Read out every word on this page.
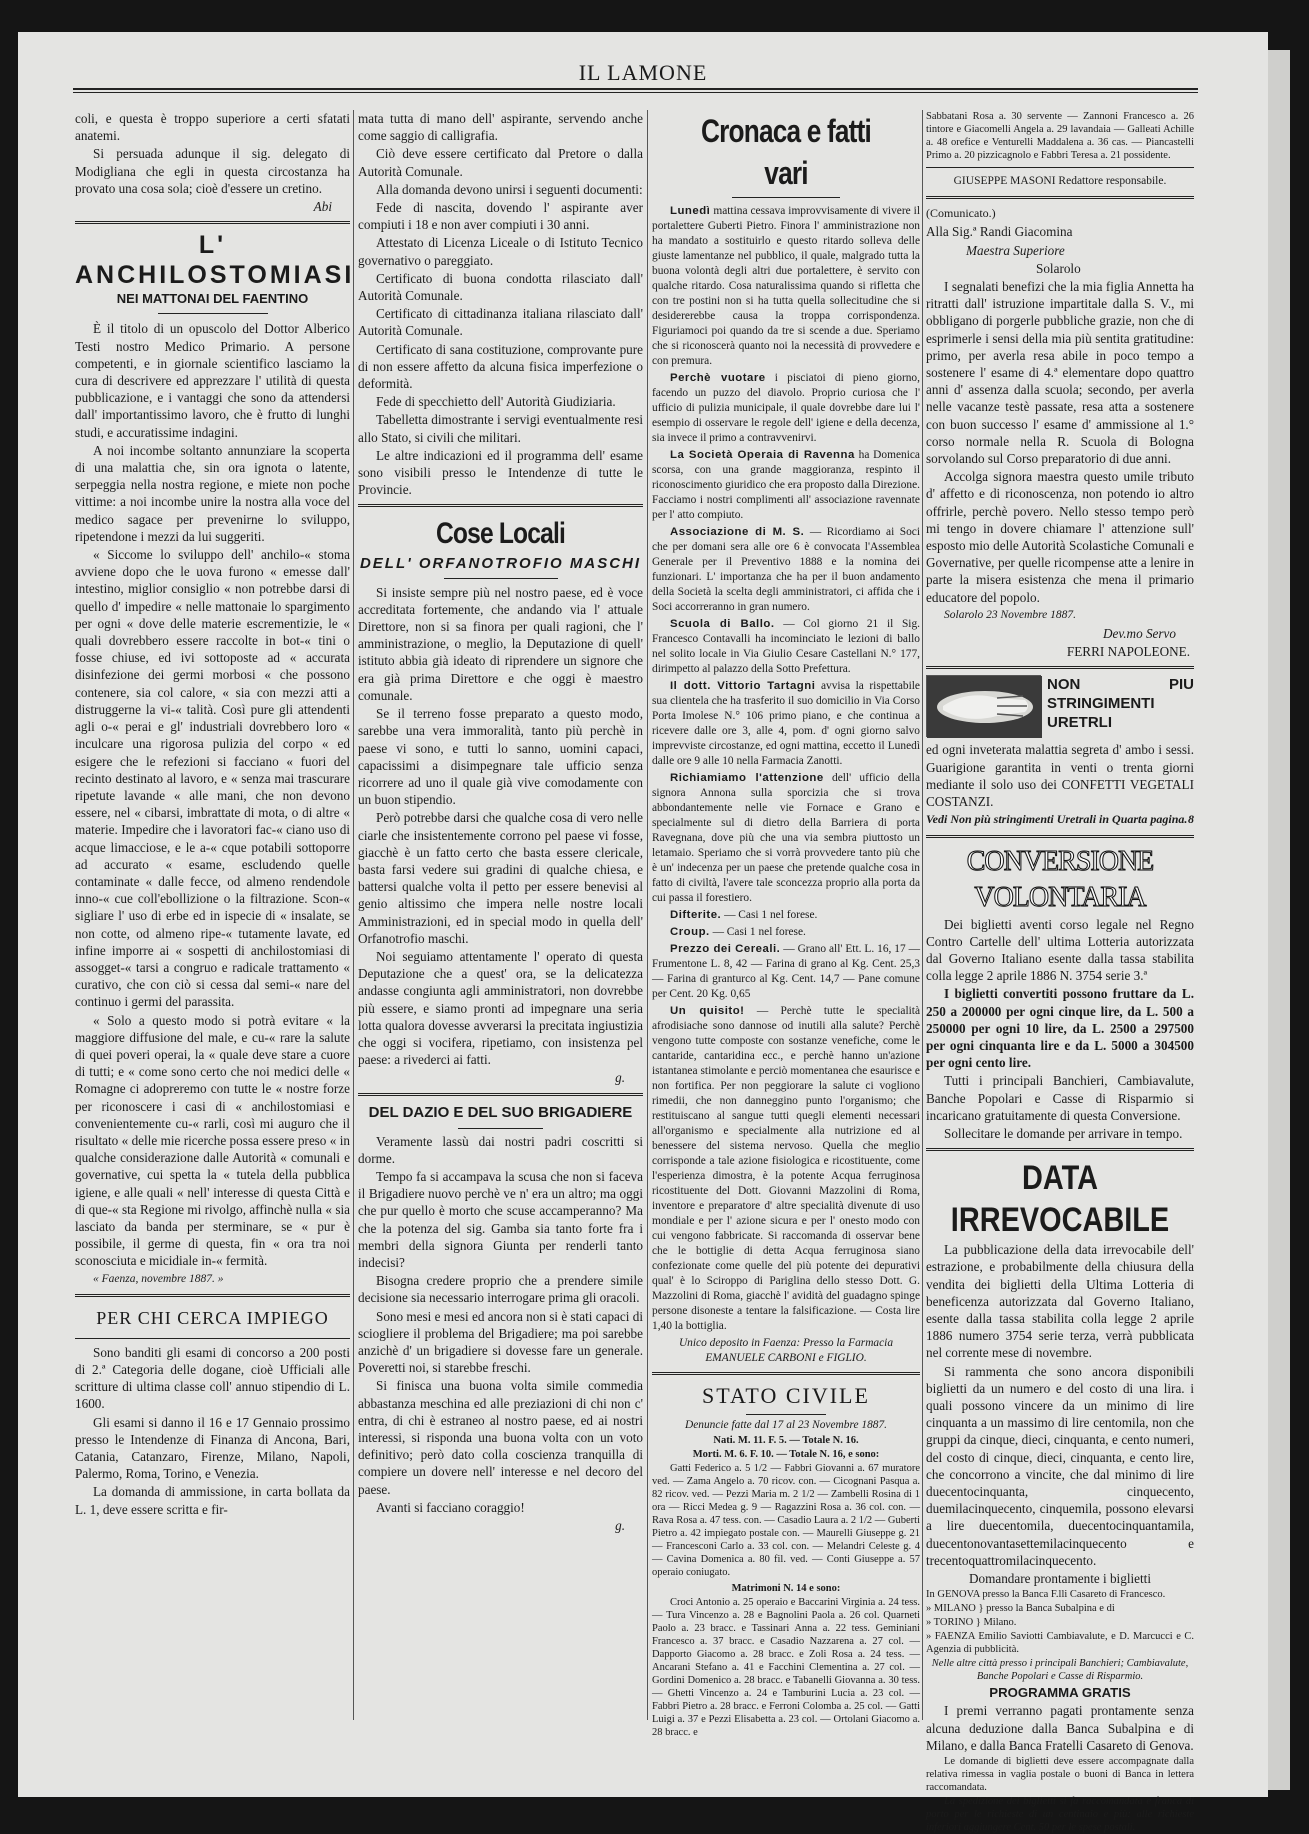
IL LAMONE

coli, e questa è troppo superiore a certi sfatati anatemi.

Si persuada adunque il sig. delegato di Modigliana che egli in questa circostanza ha provato una cosa sola; cioè d'essere un cretino.

Abi
L' ANCHILOSTOMIASI
NEI MATTONAI DEL FAENTINO

È il titolo di un opuscolo del Dottor Alberico Testi nostro Medico Primario. A persone competenti, e in giornale scientifico lasciamo la cura di descrivere ed apprezzare l' utilità di questa pubblicazione, e i vantaggi che sono da attendersi dall' importantissimo lavoro, che è frutto di lunghi studi, e accuratissime indagini.

A noi incombe soltanto annunziare la scoperta di una malattia che, sin ora ignota o latente, serpeggia nella nostra regione, e miete non poche vittime: a noi incombe unire la nostra alla voce del medico sagace per prevenirne lo sviluppo, ripetendone i mezzi da lui suggeriti.

« Siccome lo sviluppo dell' anchilo-« stoma avviene dopo che le uova furono « emesse dall' intestino, miglior consiglio « non potrebbe darsi di quello d' impedire « nelle mattonaie lo spargimento per ogni « dove delle materie escrementizie, le « quali dovrebbero essere raccolte in bot-« tini o fosse chiuse, ed ivi sottoposte ad « accurata disinfezione dei germi morbosi « che possono contenere, sia col calore, « sia con mezzi atti a distruggerne la vi-« talità. Così pure gli attendenti agli o-« perai e gl' industriali dovrebbero loro « inculcare una rigorosa pulizia del corpo « ed esigere che le refezioni si facciano « fuori del recinto destinato al lavoro, e « senza mai trascurare ripetute lavande « alle mani, che non devono essere, nel « cibarsi, imbrattate di mota, o di altre « materie. Impedire che i lavoratori fac-« ciano uso di acque limacciose, e le a-« cque potabili sottoporre ad accurato « esame, escludendo quelle contaminate « dalle fecce, od almeno rendendole inno-« cue coll'ebollizione o la filtrazione. Scon-« sigliare l' uso di erbe ed in ispecie di « insalate, se non cotte, od almeno ripe-« tutamente lavate, ed infine imporre ai « sospetti di anchilostomiasi di assogget-« tarsi a congruo e radicale trattamento « curativo, che con ciò si cessa dal semi-« nare del continuo i germi del parassita.

« Solo a questo modo si potrà evitare « la maggiore diffusione del male, e cu-« rare la salute di quei poveri operai, la « quale deve stare a cuore di tutti; e « come sono certo che noi medici delle « Romagne ci adopreremo con tutte le « nostre forze per riconoscere i casi di « anchilostomiasi e convenientemente cu-« rarli, così mi auguro che il risultato « delle mie ricerche possa essere preso « in qualche considerazione dalle Autorità « comunali e governative, cui spetta la « tutela della pubblica igiene, e alle quali « nell' interesse di questa Città e di que-« sta Regione mi rivolgo, affinchè nulla « sia lasciato da banda per sterminare, se « pur è possibile, il germe di questa, fin « ora tra noi sconosciuta e micidiale in-« fermità.

« Faenza, novembre 1887. »

PER CHI CERCA IMPIEGO

Sono banditi gli esami di concorso a 200 posti di 2.ª Categoria delle dogane, cioè Ufficiali alle scritture di ultima classe coll' annuo stipendio di L. 1600.

Gli esami si danno il 16 e 17 Gennaio prossimo presso le Intendenze di Finanza di Ancona, Bari, Catania, Catanzaro, Firenze, Milano, Napoli, Palermo, Roma, Torino, e Venezia.

La domanda di ammissione, in carta bollata da L. 1, deve essere scritta e fir-

mata tutta di mano dell' aspirante, servendo anche come saggio di calligrafia.

Ciò deve essere certificato dal Pretore o dalla Autorità Comunale.

Alla domanda devono unirsi i seguenti documenti:

Fede di nascita, dovendo l' aspirante aver compiuti i 18 e non aver compiuti i 30 anni.

Attestato di Licenza Liceale o di Istituto Tecnico governativo o pareggiato.

Certificato di buona condotta rilasciato dall' Autorità Comunale.

Certificato di cittadinanza italiana rilasciato dall' Autorità Comunale.

Certificato di sana costituzione, comprovante pure di non essere affetto da alcuna fisica imperfezione o deformità.

Fede di specchietto dell' Autorità Giudiziaria.

Tabelletta dimostrante i servigi eventualmente resi allo Stato, si civili che militari.

Le altre indicazioni ed il programma dell' esame sono visibili presso le Intendenze di tutte le Provincie.

Cose Locali
DELL' ORFANOTROFIO MASCHI

Si insiste sempre più nel nostro paese, ed è voce accreditata fortemente, che andando via l' attuale Direttore, non si sa finora per quali ragioni, che l' amministrazione, o meglio, la Deputazione di quell' istituto abbia già ideato di riprendere un signore che era già prima Direttore e che oggi è maestro comunale.

Se il terreno fosse preparato a questo modo, sarebbe una vera immoralità, tanto più perchè in paese vi sono, e tutti lo sanno, uomini capaci, capacissimi a disimpegnare tale ufficio senza ricorrere ad uno il quale già vive comodamente con un buon stipendio.

Però potrebbe darsi che qualche cosa di vero nelle ciarle che insistentemente corrono pel paese vi fosse, giacchè è un fatto certo che basta essere clericale, basta farsi vedere sui gradini di qualche chiesa, e battersi qualche volta il petto per essere benevisi al genio altissimo che impera nelle nostre locali Amministrazioni, ed in special modo in quella dell' Orfanotrofio maschi.

Noi seguiamo attentamente l' operato di questa Deputazione che a quest' ora, se la delicatezza andasse congiunta agli amministratori, non dovrebbe più essere, e siamo pronti ad impegnare una seria lotta qualora dovesse avverarsi la precitata ingiustizia che oggi si vocifera, ripetiamo, con insistenza pel paese: a rivederci ai fatti.

g.
DEL DAZIO E DEL SUO BRIGADIERE

Veramente lassù dai nostri padri coscritti si dorme.

Tempo fa si accampava la scusa che non si faceva il Brigadiere nuovo perchè ve n' era un altro; ma oggi che pur quello è morto che scuse accamperanno? Ma che la potenza del sig. Gamba sia tanto forte fra i membri della signora Giunta per renderli tanto indecisi?

Bisogna credere proprio che a prendere simile decisione sia necessario interrogare prima gli oracoli.

Sono mesi e mesi ed ancora non si è stati capaci di sciogliere il problema del Brigadiere; ma poi sarebbe anzichè d' un brigadiere si dovesse fare un generale. Poveretti noi, si starebbe freschi.

Si finisca una buona volta simile commedia abbastanza meschina ed alle preziazioni di chi non c' entra, di chi è estraneo al nostro paese, ed ai nostri interessi, si risponda una buona volta con un voto definitivo; però dato colla coscienza tranquilla di compiere un dovere nell' interesse e nel decoro del paese.

Avanti si facciano coraggio!

g.
Cronaca e fatti vari

Lunedì mattina cessava improvvisamente di vivere il portalettere Guberti Pietro. Finora l' amministrazione non ha mandato a sostituirlo e questo ritardo solleva delle giuste lamentanze nel pubblico, il quale, malgrado tutta la buona volontà degli altri due portalettere, è servito con qualche ritardo. Cosa naturalissima quando si rifletta che con tre postini non si ha tutta quella sollecitudine che si desidererebbe causa la troppa corrispondenza. Figuriamoci poi quando da tre si scende a due. Speriamo che si riconoscerà quanto noi la necessità di provvedere e con premura.

Perchè vuotare i pisciatoi di pieno giorno, facendo un puzzo del diavolo. Proprio curiosa che l' ufficio di pulizia municipale, il quale dovrebbe dare lui l' esempio di osservare le regole dell' igiene e della decenza, sia invece il primo a contravvenirvi.

La Società Operaia di Ravenna ha Domenica scorsa, con una grande maggioranza, respinto il riconoscimento giuridico che era proposto dalla Direzione. Facciamo i nostri complimenti all' associazione ravennate per l' atto compiuto.

Associazione di M. S. — Ricordiamo ai Soci che per domani sera alle ore 6 è convocata l'Assemblea Generale per il Preventivo 1888 e la nomina dei funzionari. L' importanza che ha per il buon andamento della Società la scelta degli amministratori, ci affida che i Soci accorreranno in gran numero.

Scuola di Ballo. — Col giorno 21 il Sig. Francesco Contavalli ha incominciato le lezioni di ballo nel solito locale in Via Giulio Cesare Castellani N.° 177, dirimpetto al palazzo della Sotto Prefettura.

Il dott. Vittorio Tartagni avvisa la rispettabile sua clientela che ha trasferito il suo domicilio in Via Corso Porta Imolese N.° 106 primo piano, e che continua a ricevere dalle ore 3, alle 4, pom. d' ogni giorno salvo imprevviste circostanze, ed ogni mattina, eccetto il Lunedì dalle ore 9 alle 10 nella Farmacia Zanotti.

Richiamiamo l'attenzione dell' ufficio della signora Annona sulla sporcizia che si trova abbondantemente nelle vie Fornace e Grano e specialmente sul di dietro della Barriera di porta Ravegnana, dove più che una via sembra piuttosto un letamaio. Speriamo che si vorrà provvedere tanto più che è un' indecenza per un paese che pretende qualche cosa in fatto di civiltà, l'avere tale sconcezza proprio alla porta da cui passa il forestiero.

Difterite. — Casi 1 nel forese.

Croup. — Casi 1 nel forese.

Prezzo dei Cereali. — Grano all' Ett. L. 16, 17 — Frumentone L. 8, 42 — Farina di grano al Kg. Cent. 25,3 — Farina di granturco al Kg. Cent. 14,7 — Pane comune per Cent. 20 Kg. 0,65

Un quisito! — Perchè tutte le specialità afrodisiache sono dannose od inutili alla salute? Perchè vengono tutte composte con sostanze venefiche, come le cantaride, cantaridina ecc., e perchè hanno un'azione istantanea stimolante e perciò momentanea che esaurisce e non fortifica. Per non peggiorare la salute ci vogliono rimedii, che non danneggino punto l'organismo; che restituiscano al sangue tutti quegli elementi necessari all'organismo e specialmente alla nutrizione ed al benessere del sistema nervoso. Quella che meglio corrisponde a tale azione fisiologica e ricostituente, come l'esperienza dimostra, è la potente Acqua ferruginosa ricostituente del Dott. Giovanni Mazzolini di Roma, inventore e preparatore d' altre specialità divenute di uso mondiale e per l' azione sicura e per l' onesto modo con cui vengono fabbricate. Si raccomanda di osservar bene che le bottiglie di detta Acqua ferruginosa siano confezionate come quelle del più potente dei depurativi qual' è lo Sciroppo di Pariglina dello stesso Dott. G. Mazzolini di Roma, giacchè l' avidità del guadagno spinge persone disoneste a tentare la falsificazione. — Costa lire 1,40 la bottiglia.

Unico deposito in Faenza: Presso la Farmacia EMANUELE CARBONI e FIGLIO.

STATO CIVILE

Denuncie fatte dal 17 al 23 Novembre 1887.

Nati. M. 11. F. 5. — Totale N. 16.

Morti. M. 6. F. 10. — Totale N. 16, e sono:

Gatti Federico a. 5 1/2 — Fabbri Giovanni a. 67 muratore ved. — Zama Angelo a. 70 ricov. con. — Cicognani Pasqua a. 82 ricov. ved. — Pezzi Maria m. 2 1/2 — Zambelli Rosina di 1 ora — Ricci Medea g. 9 — Ragazzini Rosa a. 36 col. con. — Rava Rosa a. 47 tess. con. — Casadio Laura a. 2 1/2 — Guberti Pietro a. 42 impiegato postale con. — Maurelli Giuseppe g. 21 — Francesconi Carlo a. 33 col. con. — Melandri Celeste g. 4 — Cavina Domenica a. 80 fil. ved. — Conti Giuseppe a. 57 operaio coniugato.

Matrimoni N. 14 e sono:

Croci Antonio a. 25 operaio e Baccarini Virginia a. 24 tess. — Tura Vincenzo a. 28 e Bagnolini Paola a. 26 col. Quarneti Paolo a. 23 bracc. e Tassinari Anna a. 22 tess. Geminiani Francesco a. 37 bracc. e Casadio Nazzarena a. 27 col. — Dapporto Giacomo a. 28 bracc. e Zoli Rosa a. 24 tess. — Ancarani Stefano a. 41 e Facchini Clementina a. 27 col. — Gordini Domenico a. 28 bracc. e Tabanelli Giovanna a. 30 tess. — Ghetti Vincenzo a. 24 e Tamburini Lucia a. 23 col. — Fabbri Pietro a. 28 bracc. e Ferroni Colomba a. 25 col. — Gatti Luigi a. 37 e Pezzi Elisabetta a. 23 col. — Ortolani Giacomo a. 28 bracc. e

Sabbatani Rosa a. 30 servente — Zannoni Francesco a. 26 tintore e Giacomelli Angela a. 29 lavandaia — Galleati Achille a. 48 orefice e Venturelli Maddalena a. 36 cas. — Piancastelli Primo a. 20 pizzicagnolo e Fabbri Teresa a. 21 possidente.

GIUSEPPE MASONI Redattore responsabile.

(Comunicato.)

Alla Sig.ª Randi Giacomina

Maestra Superiore

Solarolo

I segnalati benefizi che la mia figlia Annetta ha ritratti dall' istruzione impartitale dalla S. V., mi obbligano di porgerle pubbliche grazie, non che di esprimerle i sensi della mia più sentita gratitudine: primo, per averla resa abile in poco tempo a sostenere l' esame di 4.ª elementare dopo quattro anni d' assenza dalla scuola; secondo, per averla nelle vacanze testè passate, resa atta a sostenere con buon successo l' esame d' ammissione al 1.° corso normale nella R. Scuola di Bologna sorvolando sul Corso preparatorio di due anni.

Accolga signora maestra questo umile tributo d' affetto e di riconoscenza, non potendo io altro offrirle, perchè povero. Nello stesso tempo però mi tengo in dovere chiamare l' attenzione sull' esposto mio delle Autorità Scolastiche Comunali e Governative, per quelle ricompense atte a lenire in parte la misera esistenza che mena il primario educatore del popolo.

Solarolo 23 Novembre 1887.

Dev.mo Servo

FERRI NAPOLEONE.

NON PIU STRINGIMENTI URETRLI

ed ogni inveterata malattia segreta d' ambo i sessi. Guarigione garantita in venti o trenta giorni mediante il solo uso dei CONFETTI VEGETALI COSTANZI.

Vedi Non più stringimenti Uretrali in Quarta pagina. 8

CONVERSIONE VOLONTARIA

Dei biglietti aventi corso legale nel Regno Contro Cartelle dell' ultima Lotteria autorizzata dal Governo Italiano esente dalla tassa stabilita colla legge 2 aprile 1886 N. 3754 serie 3.ª

I biglietti convertiti possono fruttare da L. 250 a 200000 per ogni cinque lire, da L. 500 a 250000 per ogni 10 lire, da L. 2500 a 297500 per ogni cinquanta lire e da L. 5000 a 304500 per ogni cento lire.

Tutti i principali Banchieri, Cambiavalute, Banche Popolari e Casse di Risparmio si incaricano gratuitamente di questa Conversione.

Sollecitare le domande per arrivare in tempo.

DATA IRREVOCABILE

La pubblicazione della data irrevocabile dell' estrazione, e probabilmente della chiusura della vendita dei biglietti della Ultima Lotteria di beneficenza autorizzata dal Governo Italiano, esente dalla tassa stabilita colla legge 2 aprile 1886 numero 3754 serie terza, verrà pubblicata nel corrente mese di novembre.

Si rammenta che sono ancora disponibili biglietti da un numero e del costo di una lira. i quali possono vincere da un minimo di lire cinquanta a un massimo di lire centomila, non che gruppi da cinque, dieci, cinquanta, e cento numeri, del costo di cinque, dieci, cinquanta, e cento lire, che concorrono a vincite, che dal minimo di lire duecentocinquanta, cinquecento, duemilacinquecento, cinquemila, possono elevarsi a lire duecentomila, duecentocinquantamila, duecentonovantasettemilacinquecento e trecentoquattromilacinquecento.

Domandare prontamente i biglietti

In GENOVA presso la Banca F.lli Casareto di Francesco.

» MILANO } presso la Banca Subalpina e di

» TORINO } Milano.

» FAENZA Emilio Saviotti Cambiavalute, e D. Marcucci e C. Agenzia di pubblicità.

Nelle altre città presso i principali Banchieri; Cambiavalute, Banche Popolari e Casse di Risparmio.

PROGRAMMA GRATIS

I premi verranno pagati prontamente senza alcuna deduzione dalla Banca Subalpina e di Milano, e dalla Banca Fratelli Casareto di Genova.

Le domande di biglietti deve essere accompagnate dalla relativa rimessa in vaglia postale o buoni di Banca in lettera raccomandata.

La spedizione dei biglietti si fa raccomandata e franca di porto per le richieste di un centinaio e più: alle richieste inferiori aggiungere Cent. 50 per le spese postali.
